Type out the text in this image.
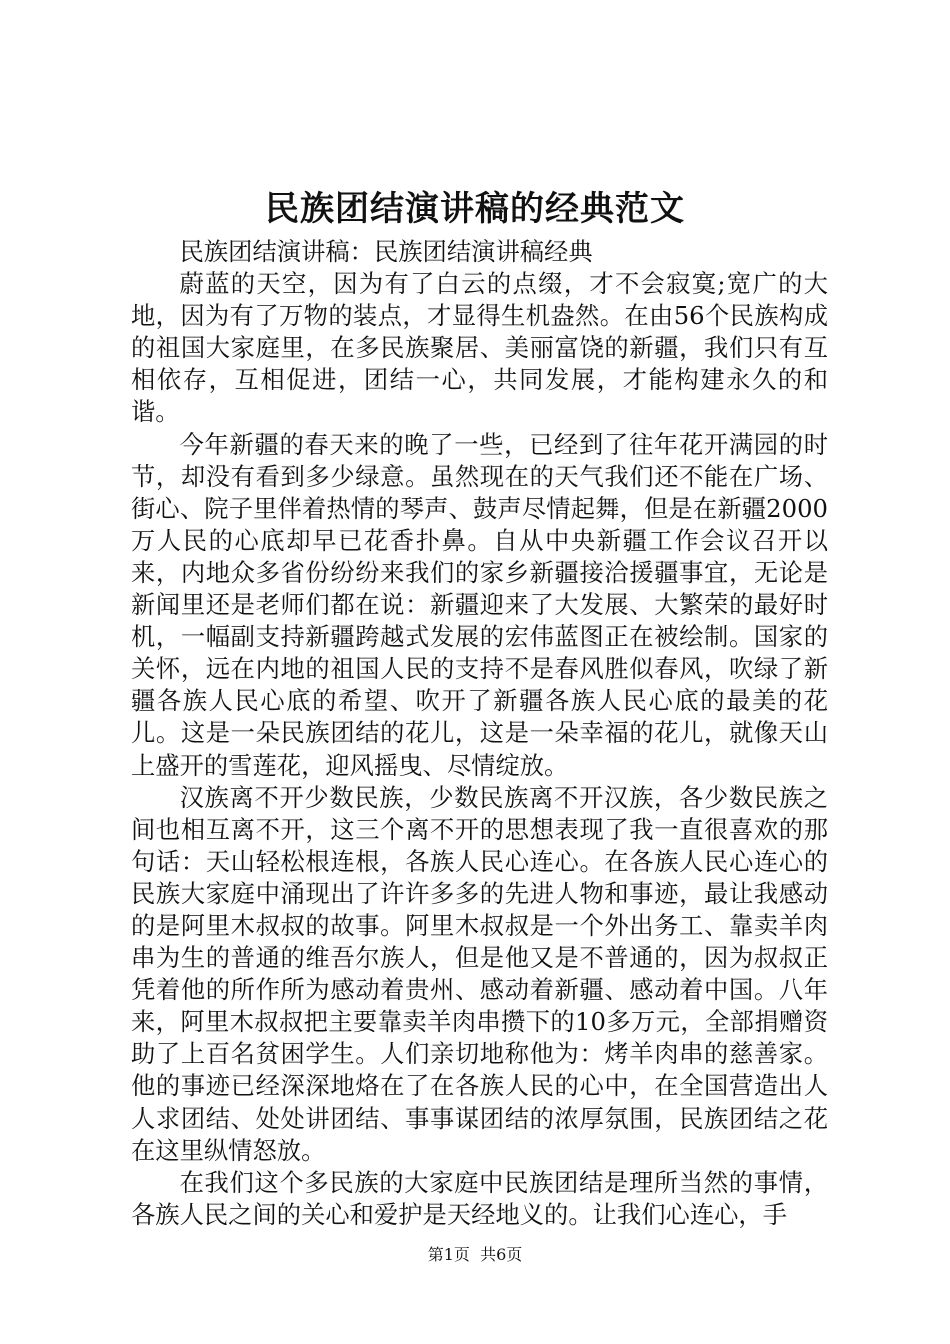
民族团结演讲稿的经典范文

民族团结演讲稿：民族团结演讲稿经典

蔚蓝的天空，因为有了白云的点缀，才不会寂寞;宽广的大地，因为有了万物的装点，才显得生机盎然。在由56个民族构成的祖国大家庭里，在多民族聚居、美丽富饶的新疆，我们只有互相依存，互相促进，团结一心，共同发展，才能构建永久的和谐。

今年新疆的春天来的晚了一些，已经到了往年花开满园的时节，却没有看到多少绿意。虽然现在的天气我们还不能在广场、街心、院子里伴着热情的琴声、鼓声尽情起舞，但是在新疆2000万人民的心底却早已花香扑鼻。自从中央新疆工作会议召开以来，内地众多省份纷纷来我们的家乡新疆接洽援疆事宜，无论是新闻里还是老师们都在说：新疆迎来了大发展、大繁荣的最好时机，一幅副支持新疆跨越式发展的宏伟蓝图正在被绘制。国家的关怀，远在内地的祖国人民的支持不是春风胜似春风，吹绿了新疆各族人民心底的希望、吹开了新疆各族人民心底的最美的花儿。这是一朵民族团结的花儿，这是一朵幸福的花儿，就像天山上盛开的雪莲花，迎风摇曳、尽情绽放。

汉族离不开少数民族，少数民族离不开汉族，各少数民族之间也相互离不开，这三个离不开的思想表现了我一直很喜欢的那句话：天山轻松根连根，各族人民心连心。在各族人民心连心的民族大家庭中涌现出了许许多多的先进人物和事迹，最让我感动的是阿里木叔叔的故事。阿里木叔叔是一个外出务工、靠卖羊肉串为生的普通的维吾尔族人，但是他又是不普通的，因为叔叔正凭着他的所作所为感动着贵州、感动着新疆、感动着中国。八年来，阿里木叔叔把主要靠卖羊肉串攒下的10多万元，全部捐赠资助了上百名贫困学生。人们亲切地称他为：烤羊肉串的慈善家。他的事迹已经深深地烙在了在各族人民的心中，在全国营造出人人求团结、处处讲团结、事事谋团结的浓厚氛围，民族团结之花在这里纵情怒放。

在我们这个多民族的大家庭中民族团结是理所当然的事情，各族人民之间的关心和爱护是天经地义的。让我们心连心，手

第1页 共6页
